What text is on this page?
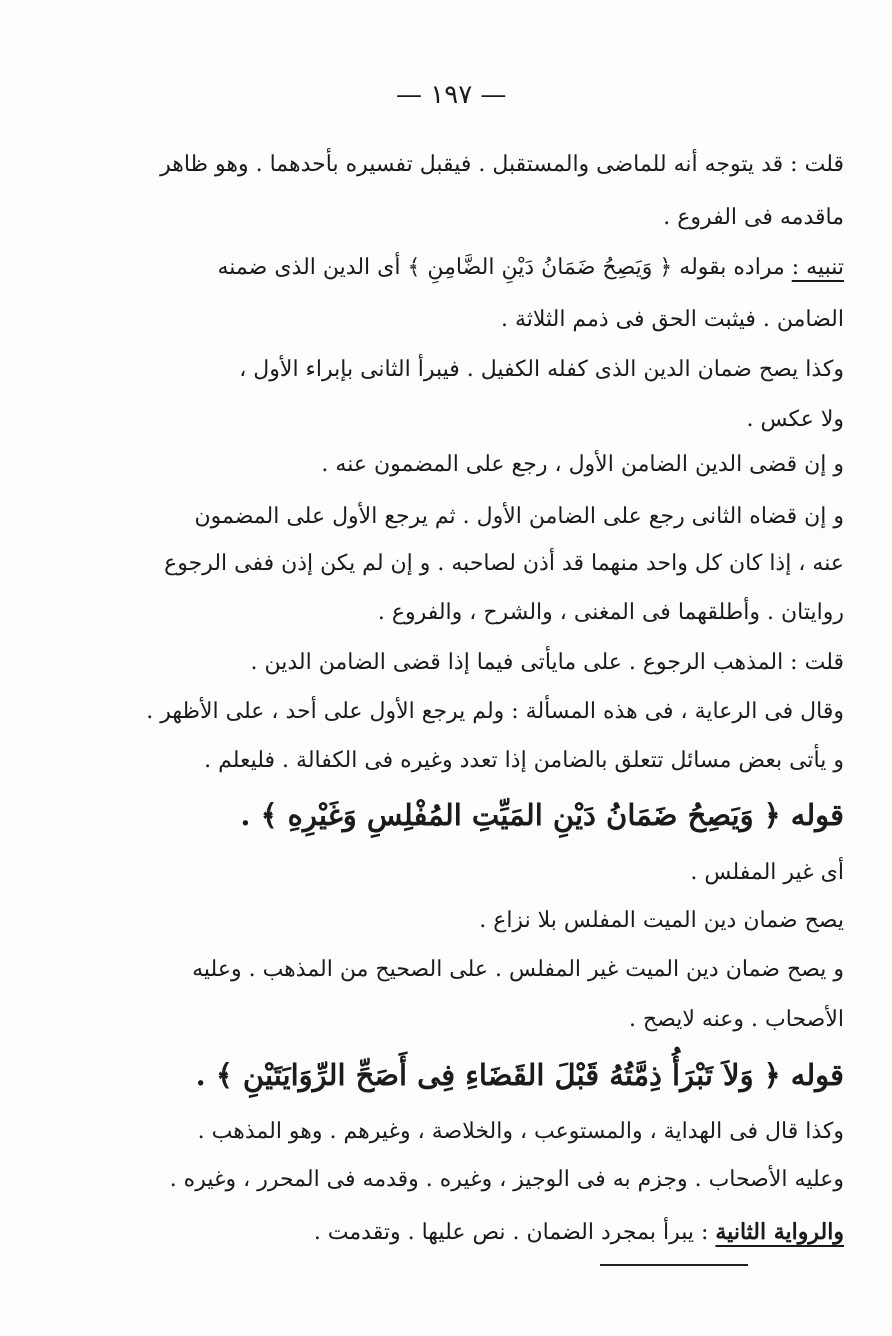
— ١٩٧ —
قلت : قد يتوجه أنه للماضى والمستقبل . فيقبل تفسيره بأحدهما . وهو ظاهر
ماقدمه فى الفروع .
تنبيه : مراده بقوله ﴿ وَيَصِحُ ضَمَانُ دَيْنِ الضَّامِنِ ﴾ أى الدين الذى ضمنه
الضامن . فيثبت الحق فى ذمم الثلاثة .
وكذا يصح ضمان الدين الذى كفله الكفيل . فيبرأ الثانى بإبراء الأول ،
ولا عكس .
و إن قضى الدين الضامن الأول ، رجع على المضمون عنه .
و إن قضاه الثانى رجع على الضامن الأول . ثم يرجع الأول على المضمون
عنه ، إذا كان كل واحد منهما قد أذن لصاحبه . و إن لم يكن إذن ففى الرجوع
روايتان . وأطلقهما فى المغنى ، والشرح ، والفروع .
قلت : المذهب الرجوع . على مايأتى فيما إذا قضى الضامن الدين .
وقال فى الرعاية ، فى هذه المسألة : ولم يرجع الأول على أحد ، على الأظهر .
و يأتى بعض مسائل تتعلق بالضامن إذا تعدد وغيره فى الكفالة . فليعلم .
قوله ﴿ وَيَصِحُ ضَمَانُ دَيْنِ المَيِّتِ المُفْلِسِ وَغَيْرِهِ ﴾ .
أى غير المفلس .
يصح ضمان دين الميت المفلس بلا نزاع .
و يصح ضمان دين الميت غير المفلس . على الصحيح من المذهب . وعليه
الأصحاب . وعنه لايصح .
قوله ﴿ وَلاَ تَبْرَأُ ذِمَّتُهُ قَبْلَ القَضَاءِ فِى أَصَحِّ الرِّوَايَتَيْنِ ﴾ .
وكذا قال فى الهداية ، والمستوعب ، والخلاصة ، وغيرهم . وهو المذهب .
وعليه الأصحاب . وجزم به فى الوجيز ، وغيره . وقدمه فى المحرر ، وغيره .
والرواية الثانية : يبرأ بمجرد الضمان . نص عليها . وتقدمت .
